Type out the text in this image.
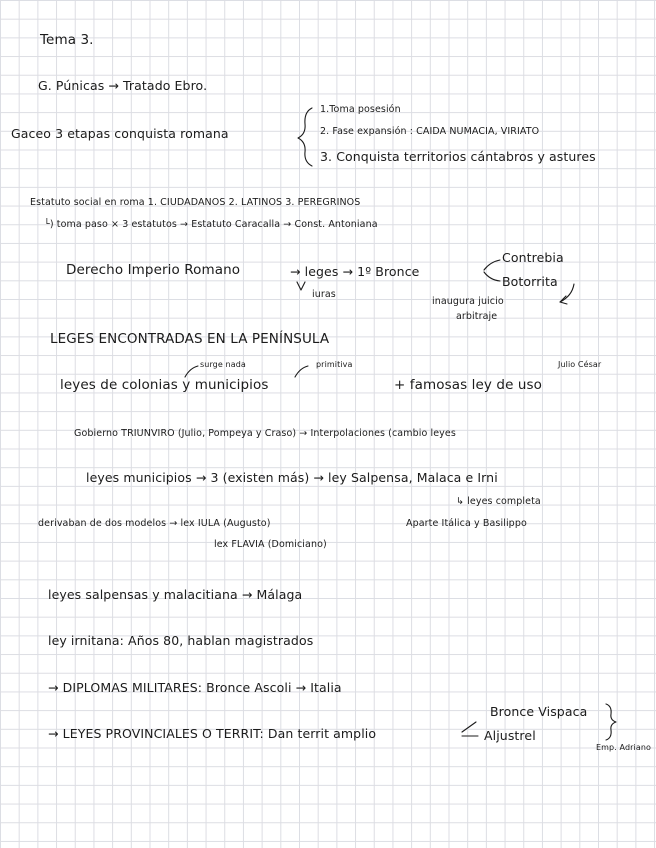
Tema 3.
G. Púnicas → Tratado Ebro.
Gaceo 3 etapas conquista romana
1.Toma posesión
2. Fase expansión : CAIDA NUMACIA, VIRIATO
3. Conquista territorios cántabros y astures
Estatuto social en roma 1. CIUDADANOS 2. LATINOS 3. PEREGRINOS
└) toma paso × 3 estatutos → Estatuto Caracalla → Const. Antoniana
Derecho Imperio Romano	→ leges → 1º Bronce
iuras
Contrebia
Botorrita
inaugura juicio
arbitraje
LEGES ENCONTRADAS EN LA PENÍNSULA
surge nada	primitiva	Julio César
leyes de colonias y municipios	+ famosas ley de uso
Gobierno TRIUNVIRO (Julio, Pompeya y Craso) → Interpolaciones (cambio leyes
leyes municipios → 3 (existen más) → ley Salpensa, Malaca e Irni
↳ leyes completa
derivaban de dos modelos → lex IULA (Augusto)	Aparte Itálica y Basilippo
lex FLAVIA (Domiciano)
leyes salpensas y malacitiana → Málaga
ley irnitana: Años 80, hablan magistrados
→ DIPLOMAS MILITARES: Bronce Ascoli → Italia
→ LEYES PROVINCIALES O TERRIT: Dan territ amplio
Bronce Vispaca
Aljustrel
Emp. Adriano
